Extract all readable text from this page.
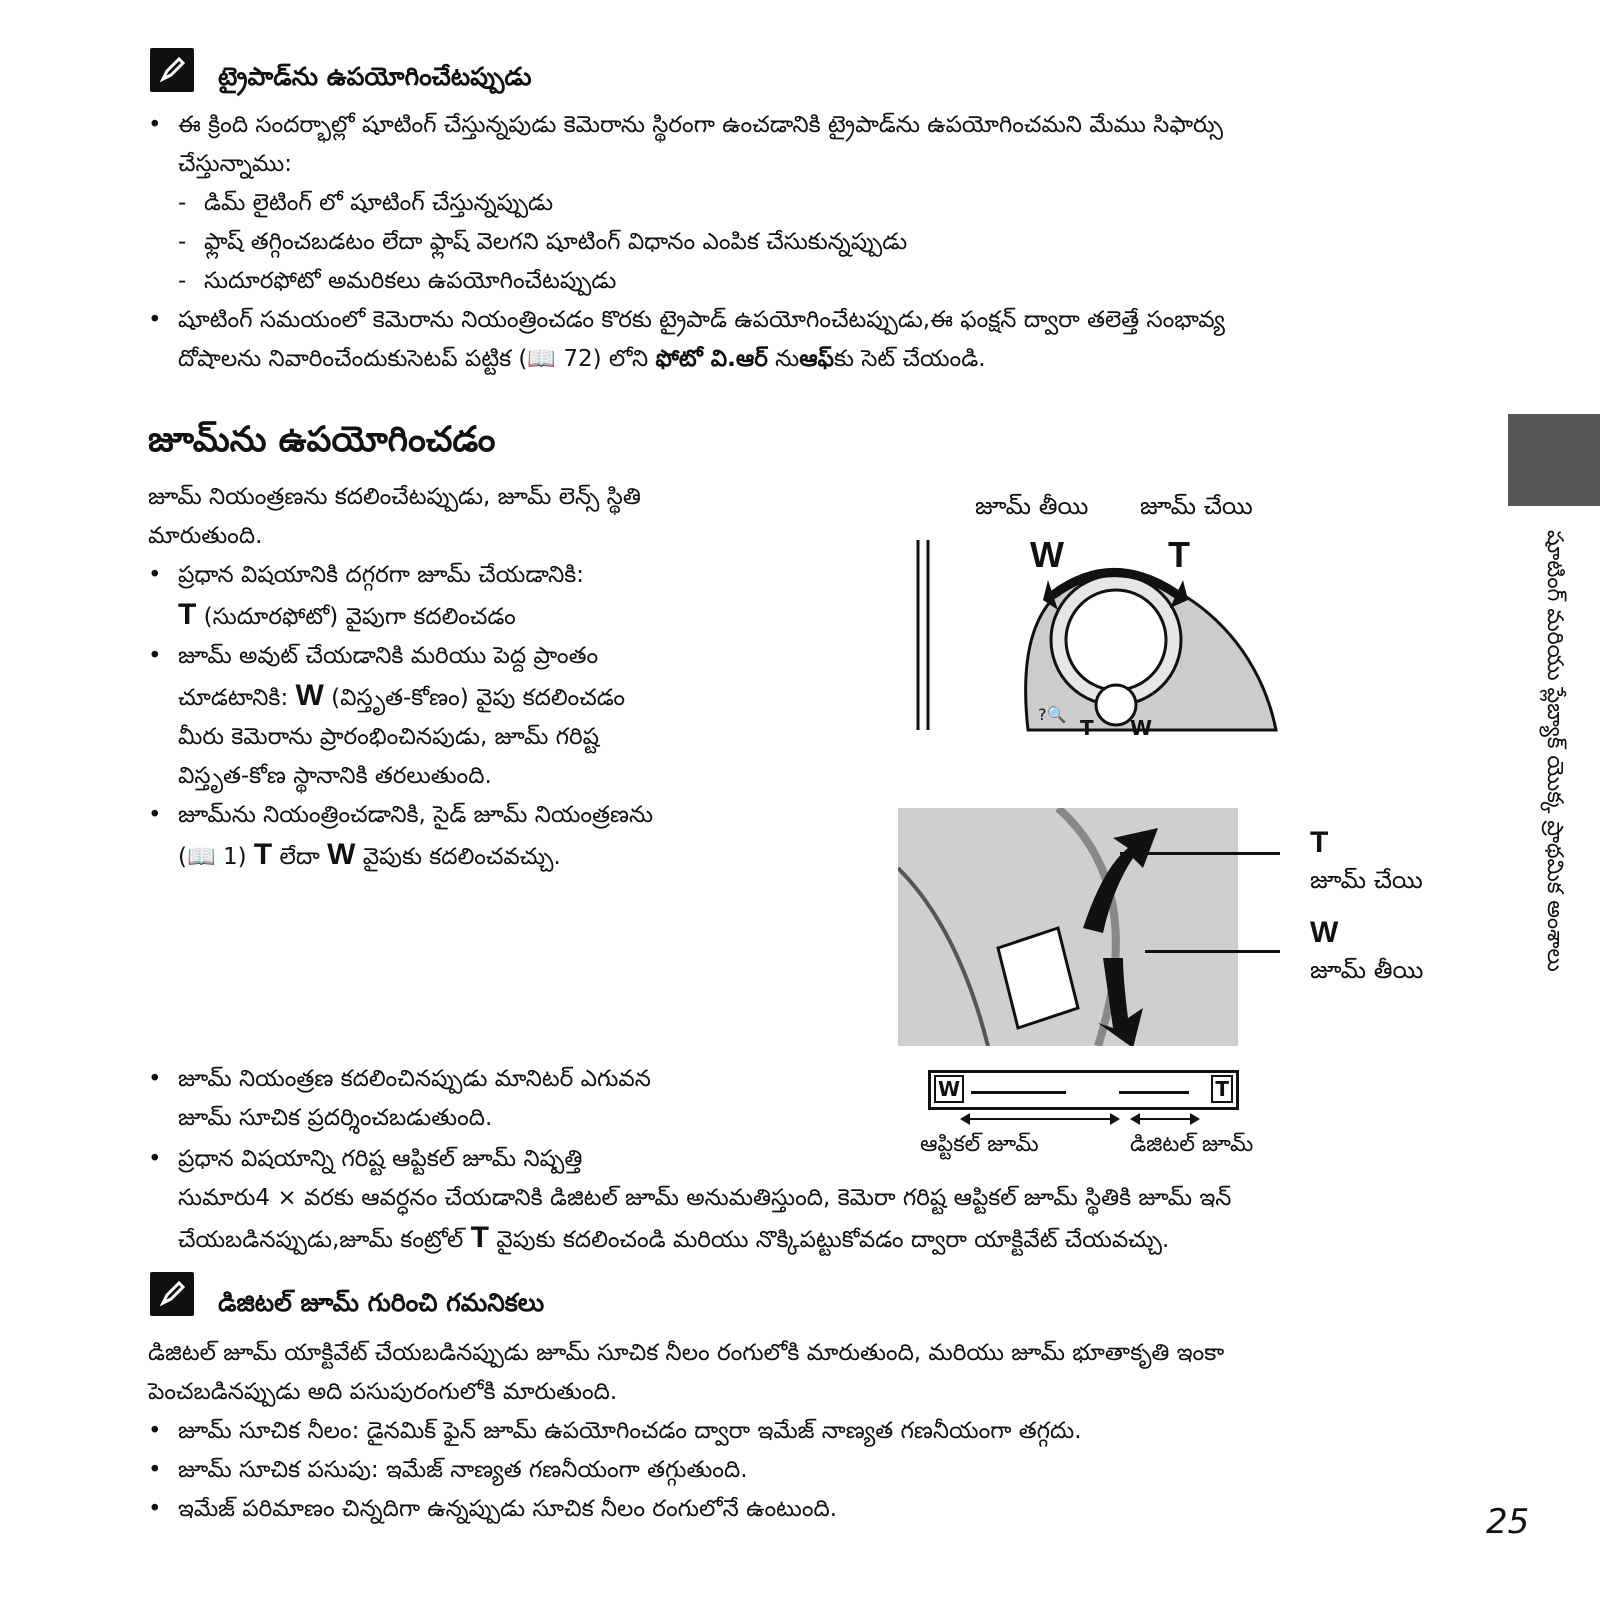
ట్రైపాడ్‌ను ఉపయోగించేటప్పుడు
• ఈ క్రింది సందర్భాల్లో షూటింగ్ చేస్తున్నపుడు కెమెరాను స్థిరంగా ఉంచడానికి ట్రైపాడ్‌ను ఉపయోగించమని మేము సిఫార్సు
చేస్తున్నాము:
- డిమ్ లైటింగ్ లో షూటింగ్ చేస్తున్నప్పుడు
- ఫ్లాష్ తగ్గించబడటం లేదా ఫ్లాష్ వెలగని షూటింగ్ విధానం ఎంపిక చేసుకున్నప్పుడు
- సుదూరఫోటో అమరికలు ఉపయోగించేటప్పుడు
• షూటింగ్ సమయంలో కెమెరాను నియంత్రించడం కొరకు ట్రైపాడ్ ఉపయోగించేటప్పుడు,ఈ ఫంక్షన్ ద్వారా తలెత్తే సంభావ్య
దోషాలను నివారించేందుకుసెటప్ పట్టిక (📖 72) లోని ఫోటో వి.ఆర్ నుఆఫ్కు సెట్ చేయండి.
జూమ్‌ను ఉపయోగించడం
జూమ్ నియంత్రణను కదలించేటప్పుడు, జూమ్ లెన్స్ స్థితి
మారుతుంది.
• ప్రధాన విషయానికి దగ్గరగా జూమ్ చేయడానికి:
T (సుదూరఫోటో) వైపుగా కదలించడం
• జూమ్ అవుట్ చేయడానికి మరియు పెద్ద ప్రాంతం
చూడటానికి: W (విస్తృత-కోణం) వైపు కదలించడం
మీరు కెమెరాను ప్రారంభించినపుడు, జూమ్ గరిష్ట
విస్తృత-కోణ స్థానానికి తరలుతుంది.
• జూమ్‌ను నియంత్రించడానికి, సైడ్ జూమ్ నియంత్రణను
(📖 1) T లేదా W వైపుకు కదలించవచ్చు.
జూమ్ తీయి జూమ్ చేయి
W	T
?🔍
T W
T
జూమ్ చేయి
W
జూమ్ తీయి
• జూమ్ నియంత్రణ కదలించినప్పుడు మానిటర్ ఎగువన
జూమ్ సూచిక ప్రదర్శించబడుతుంది.
W	T
ఆప్టికల్ జూమ్	డిజిటల్ జూమ్
• ప్రధాన విషయాన్ని గరిష్ట ఆప్టికల్ జూమ్ నిష్పత్తి
సుమారు4 × వరకు ఆవర్ధనం చేయడానికి డిజిటల్ జూమ్ అనుమతిస్తుంది, కెమెరా గరిష్ట ఆప్టికల్ జూమ్ స్థితికి జూమ్ ఇన్
చేయబడినప్పుడు,జూమ్ కంట్రోల్ T వైపుకు కదలించండి మరియు నొక్కిపట్టుకోవడం ద్వారా యాక్టివేట్ చేయవచ్చు.
డిజిటల్ జూమ్ గురించి గమనికలు
డిజిటల్ జూమ్ యాక్టివేట్ చేయబడినప్పుడు జూమ్ సూచిక నీలం రంగులోకి మారుతుంది, మరియు జూమ్ భూతాకృతి ఇంకా
పెంచబడినప్పుడు అది పసుపురంగులోకి మారుతుంది.
• జూమ్ సూచిక నీలం: డైనమిక్ ఫైన్ జూమ్ ఉపయోగించడం ద్వారా ఇమేజ్ నాణ్యత గణనీయంగా తగ్గదు.
• జూమ్ సూచిక పసుపు: ఇమేజ్ నాణ్యత గణనీయంగా తగ్గుతుంది.
• ఇమేజ్ పరిమాణం చిన్నదిగా ఉన్నప్పుడు సూచిక నీలం రంగులోనే ఉంటుంది.
షూటింగ్ మరియు ప్లేబ్యాక్ యొక్క ప్రాథమిక అంశాలు
25
